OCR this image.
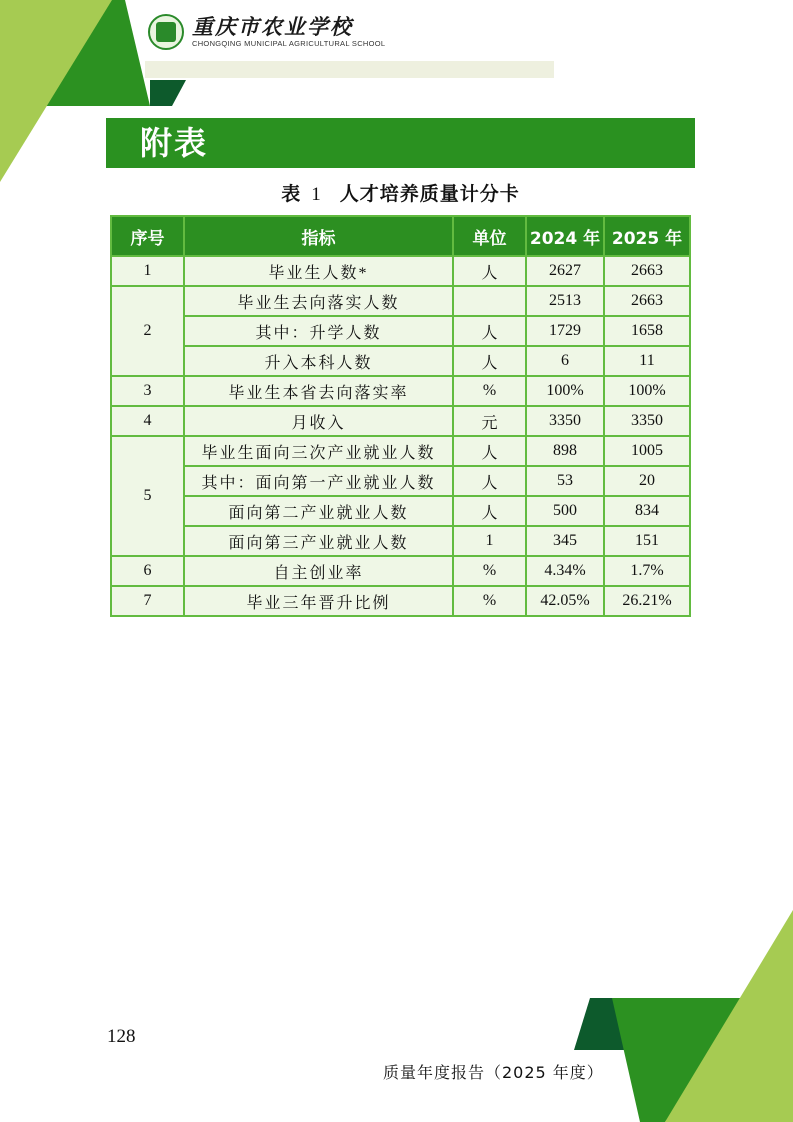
重庆市农业学校
CHONGQING MUNICIPAL AGRICULTURAL SCHOOL
附表
表 1 人才培养质量计分卡
序号	指标	单位	2024 年	2025 年
1	毕业生人数*	人	2627	2663
2	毕业生去向落实人数		2513	2663
	其中：升学人数	人	1729	1658
	升入本科人数	人	6	11
3	毕业生本省去向落实率	%	100%	100%
4	月收入	元	3350	3350
5	毕业生面向三次产业就业人数	人	898	1005
	其中：面向第一产业就业人数	人	53	20
	面向第二产业就业人数	人	500	834
	面向第三产业就业人数	1	345	151
6	自主创业率	%	4.34%	1.7%
7	毕业三年晋升比例	%	42.05%	26.21%
128
质量年度报告（2025 年度）
